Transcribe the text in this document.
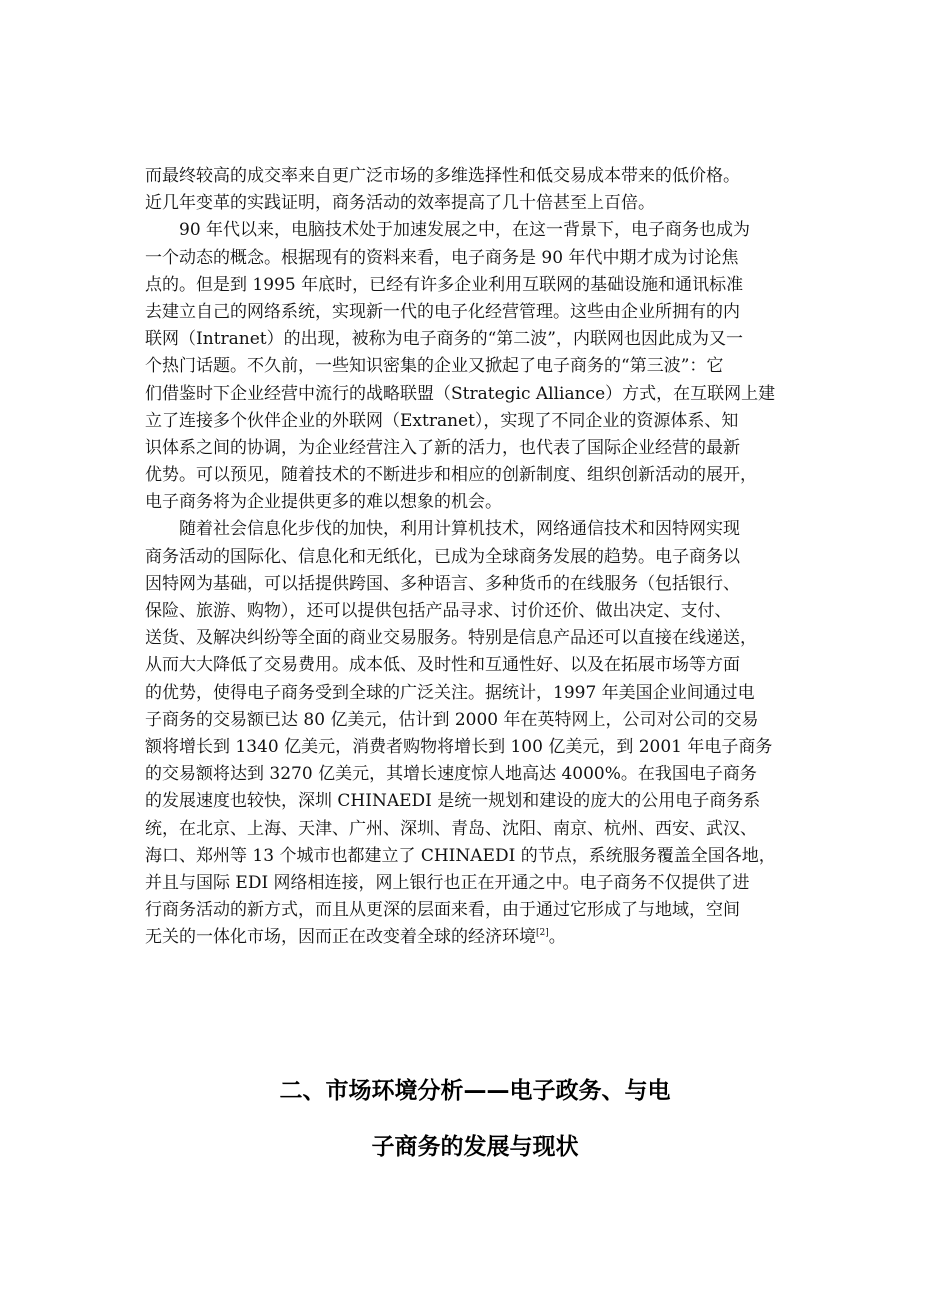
而最终较高的成交率来自更广泛市场的多维选择性和低交易成本带来的低价格。
近几年变革的实践证明，商务活动的效率提高了几十倍甚至上百倍。
90 年代以来，电脑技术处于加速发展之中，在这一背景下，电子商务也成为
一个动态的概念。根据现有的资料来看，电子商务是 90 年代中期才成为讨论焦
点的。但是到 1995 年底时，已经有许多企业利用互联网的基础设施和通讯标准
去建立自己的网络系统，实现新一代的电子化经营管理。这些由企业所拥有的内
联网（Intranet）的出现，被称为电子商务的“第二波”，内联网也因此成为又一
个热门话题。不久前，一些知识密集的企业又掀起了电子商务的“第三波”：它
们借鉴时下企业经营中流行的战略联盟（Strategic Alliance）方式，在互联网上建
立了连接多个伙伴企业的外联网（Extranet），实现了不同企业的资源体系、知
识体系之间的协调，为企业经营注入了新的活力，也代表了国际企业经营的最新
优势。可以预见，随着技术的不断进步和相应的创新制度、组织创新活动的展开，
电子商务将为企业提供更多的难以想象的机会。
随着社会信息化步伐的加快，利用计算机技术，网络通信技术和因特网实现
商务活动的国际化、信息化和无纸化，已成为全球商务发展的趋势。电子商务以
因特网为基础，可以括提供跨国、多种语言、多种货币的在线服务（包括银行、
保险、旅游、购物），还可以提供包括产品寻求、讨价还价、做出决定、支付、
送货、及解决纠纷等全面的商业交易服务。特别是信息产品还可以直接在线递送，
从而大大降低了交易费用。成本低、及时性和互通性好、以及在拓展市场等方面
的优势，使得电子商务受到全球的广泛关注。据统计，1997 年美国企业间通过电
子商务的交易额已达 80 亿美元，估计到 2000 年在英特网上，公司对公司的交易
额将增长到 1340 亿美元，消费者购物将增长到 100 亿美元，到 2001 年电子商务
的交易额将达到 3270 亿美元，其增长速度惊人地高达 4000%。在我国电子商务
的发展速度也较快，深圳 CHINAEDI 是统一规划和建设的庞大的公用电子商务系
统，在北京、上海、天津、广州、深圳、青岛、沈阳、南京、杭州、西安、武汉、
海口、郑州等 13 个城市也都建立了 CHINAEDI 的节点，系统服务覆盖全国各地，
并且与国际 EDI 网络相连接，网上银行也正在开通之中。电子商务不仅提供了进
行商务活动的新方式，而且从更深的层面来看，由于通过它形成了与地域，空间
无关的一体化市场，因而正在改变着全球的经济环境[2]。
二、市场环境分析——电子政务、与电
子商务的发展与现状
